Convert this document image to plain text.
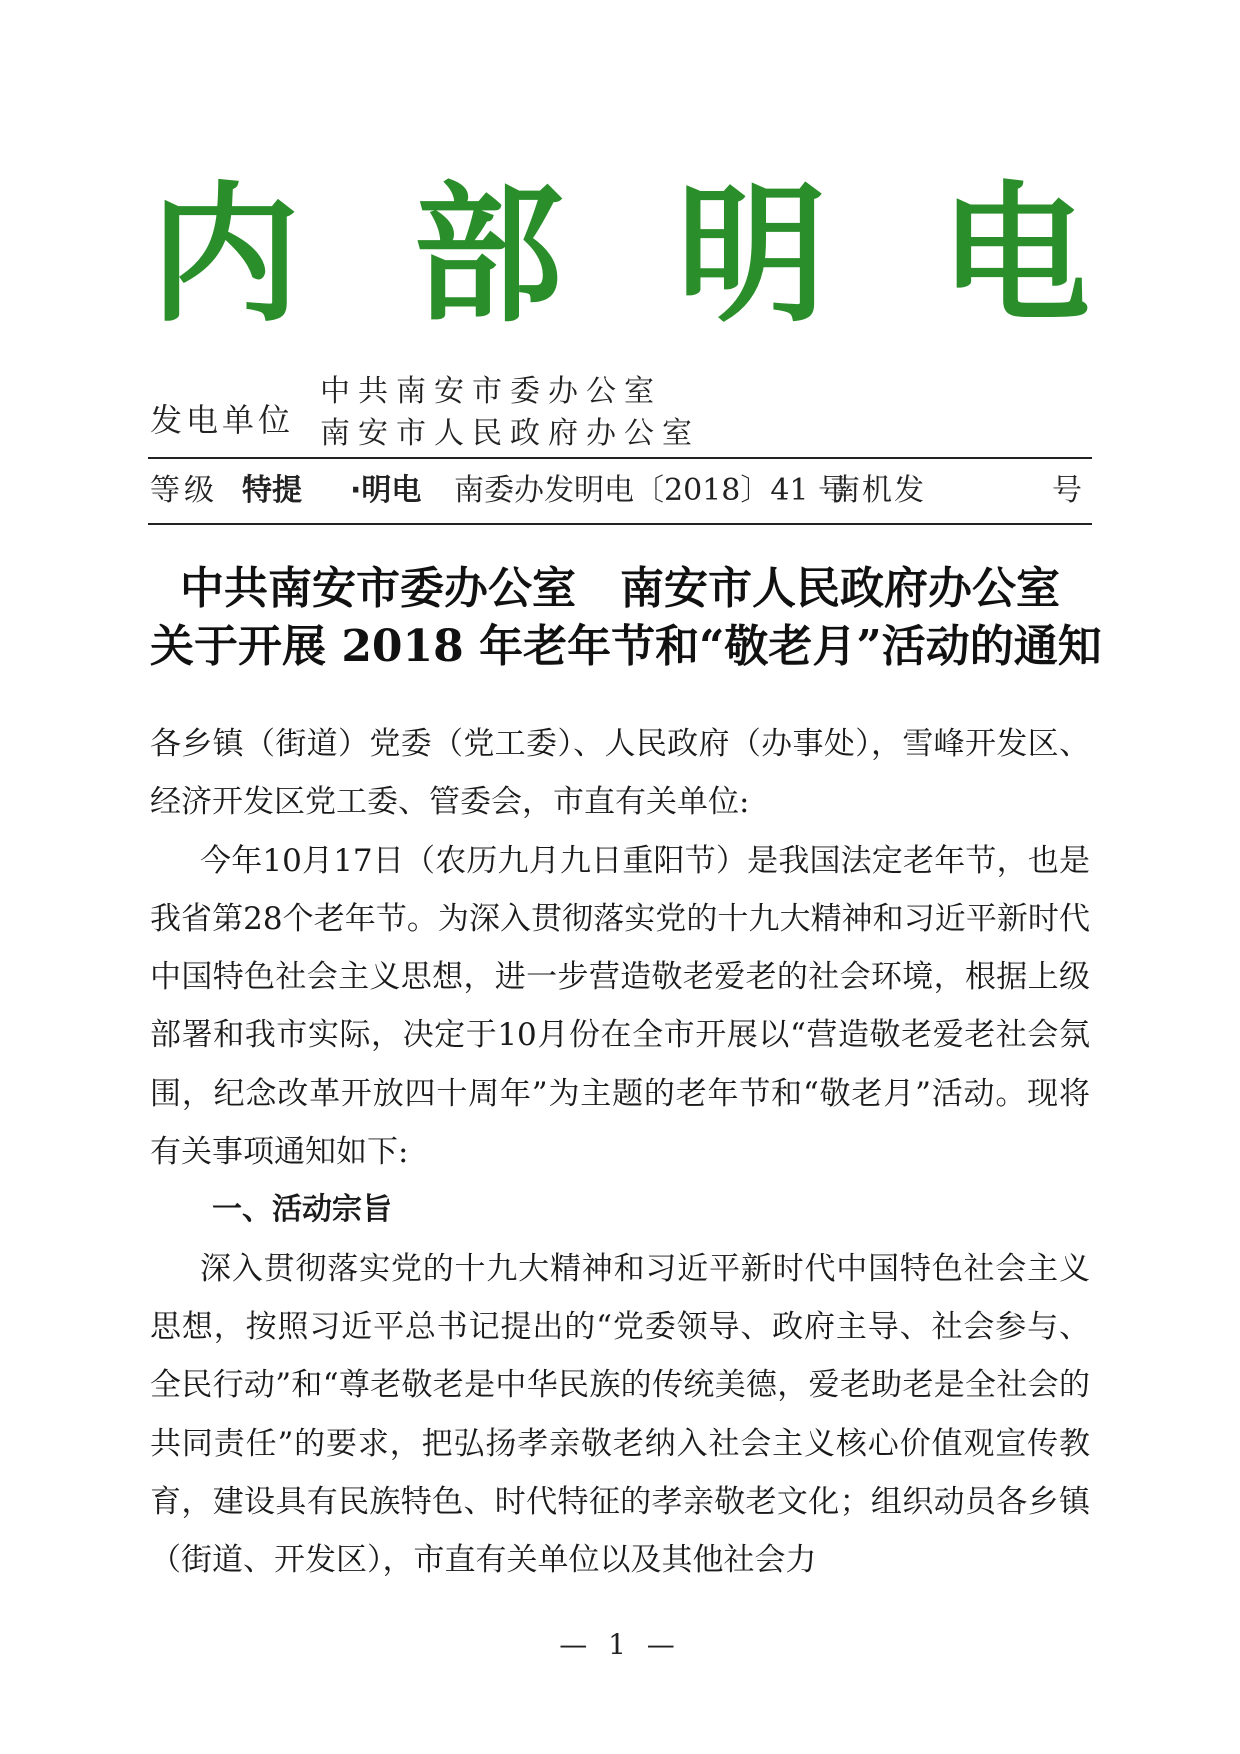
内 部 明 电
发电单位
中共南安市委办公室
南安市人民政府办公室
等级 特提 ·明电 南委办发明电〔2018〕41 号
南机发	号
中共南安市委办公室　南安市人民政府办公室
关于开展 2018 年老年节和“敬老月”活动的通知

各乡镇（街道）党委（党工委）、人民政府（办事处），雪峰开发区、经济开发区党工委、管委会，市直有关单位:

今年10月17日（农历九月九日重阳节）是我国法定老年节，也是我省第28个老年节。为深入贯彻落实党的十九大精神和习近平新时代中国特色社会主义思想，进一步营造敬老爱老的社会环境，根据上级部署和我市实际，决定于10月份在全市开展以“营造敬老爱老社会氛围，纪念改革开放四十周年”为主题的老年节和“敬老月”活动。现将有关事项通知如下:

一、活动宗旨

深入贯彻落实党的十九大精神和习近平新时代中国特色社会主义思想，按照习近平总书记提出的“党委领导、政府主导、社会参与、全民行动”和“尊老敬老是中华民族的传统美德，爱老助老是全社会的共同责任”的要求，把弘扬孝亲敬老纳入社会主义核心价值观宣传教育，建设具有民族特色、时代特征的孝亲敬老文化；组织动员各乡镇（街道、开发区），市直有关单位以及其他社会力

— 1 —
